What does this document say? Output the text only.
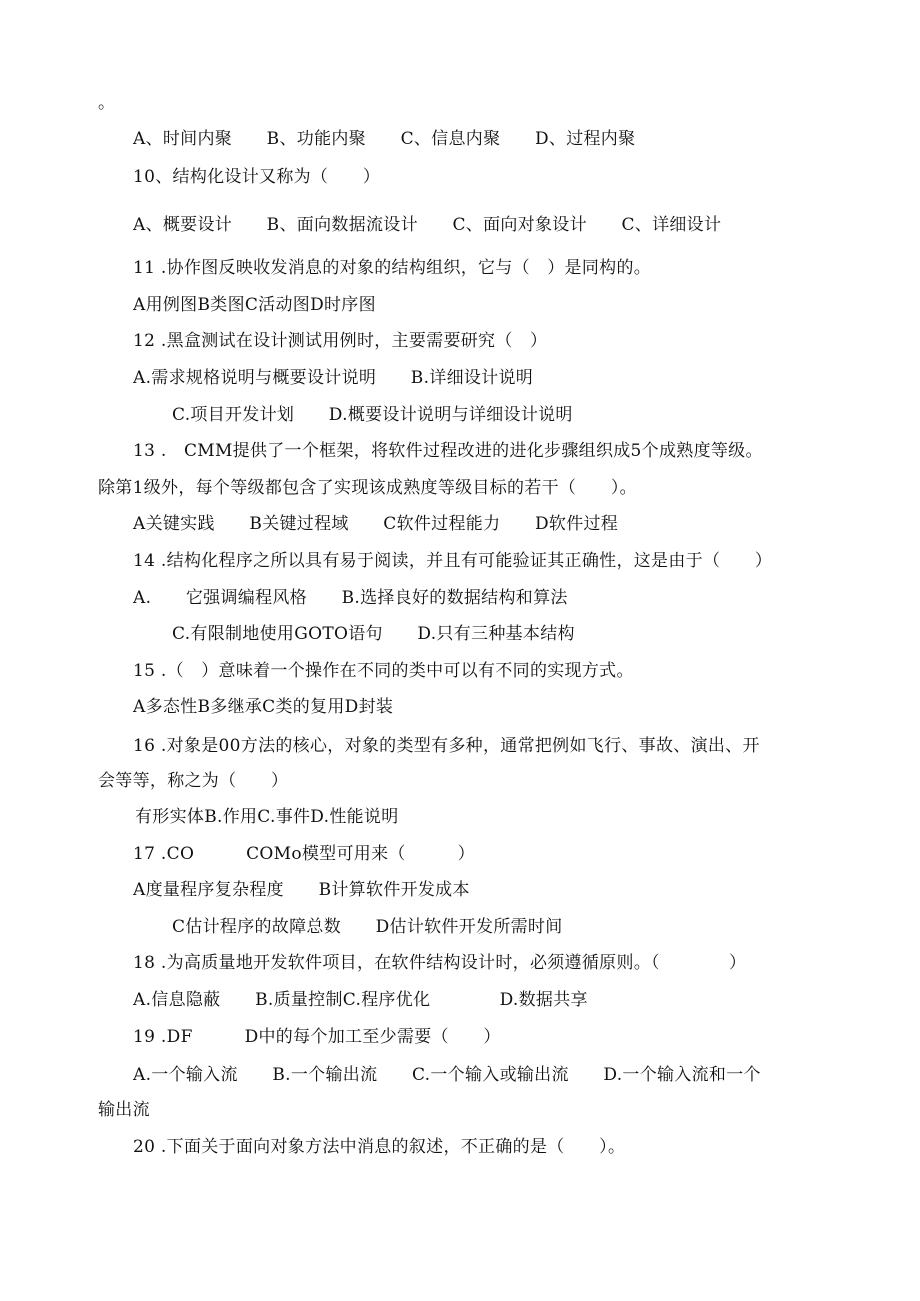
。
A、时间内聚　　B、功能内聚　　C、信息内聚　　D、过程内聚
10、结构化设计又称为（　　）
A、概要设计　　B、面向数据流设计　　C、面向对象设计　　C、详细设计
11 .协作图反映收发消息的对象的结构组织，它与（　）是同构的。
A用例图B类图C活动图D时序图
12 .黑盒测试在设计测试用例时，主要需要研究（　）
A.需求规格说明与概要设计说明　　B.详细设计说明
C.项目开发计划　　D.概要设计说明与详细设计说明
13 .　CMM提供了一个框架，将软件过程改进的进化步骤组织成5个成熟度等级。
除第1级外，每个等级都包含了实现该成熟度等级目标的若干（　　）。
A关键实践　　B关键过程域　　C软件过程能力　　D软件过程
14 .结构化程序之所以具有易于阅读，并且有可能验证其正确性，这是由于（　　）
A.　　它强调编程风格　　B.选择良好的数据结构和算法
C.有限制地使用GOTO语句　　D.只有三种基本结构
15 .（　）意味着一个操作在不同的类中可以有不同的实现方式。
A多态性B多继承C类的复用D封装
16 .对象是00方法的核心，对象的类型有多种，通常把例如飞行、事故、演出、开
会等等，称之为（　　）
有形实体B.作用C.事件D.性能说明
17 .CO　　　COMo模型可用来（　　　）
A度量程序复杂程度　　B计算软件开发成本
C估计程序的故障总数　　D估计软件开发所需时间
18 .为高质量地开发软件项目，在软件结构设计时，必须遵循原则。（　　　　）
A.信息隐蔽　　B.质量控制C.程序优化　　　　D.数据共享
19 .DF　　　D中的每个加工至少需要（　　）
A.一个输入流　　B.一个输出流　　C.一个输入或输出流　　D.一个输入流和一个
输出流
20 .下面关于面向对象方法中消息的叙述，不正确的是（　　）。
